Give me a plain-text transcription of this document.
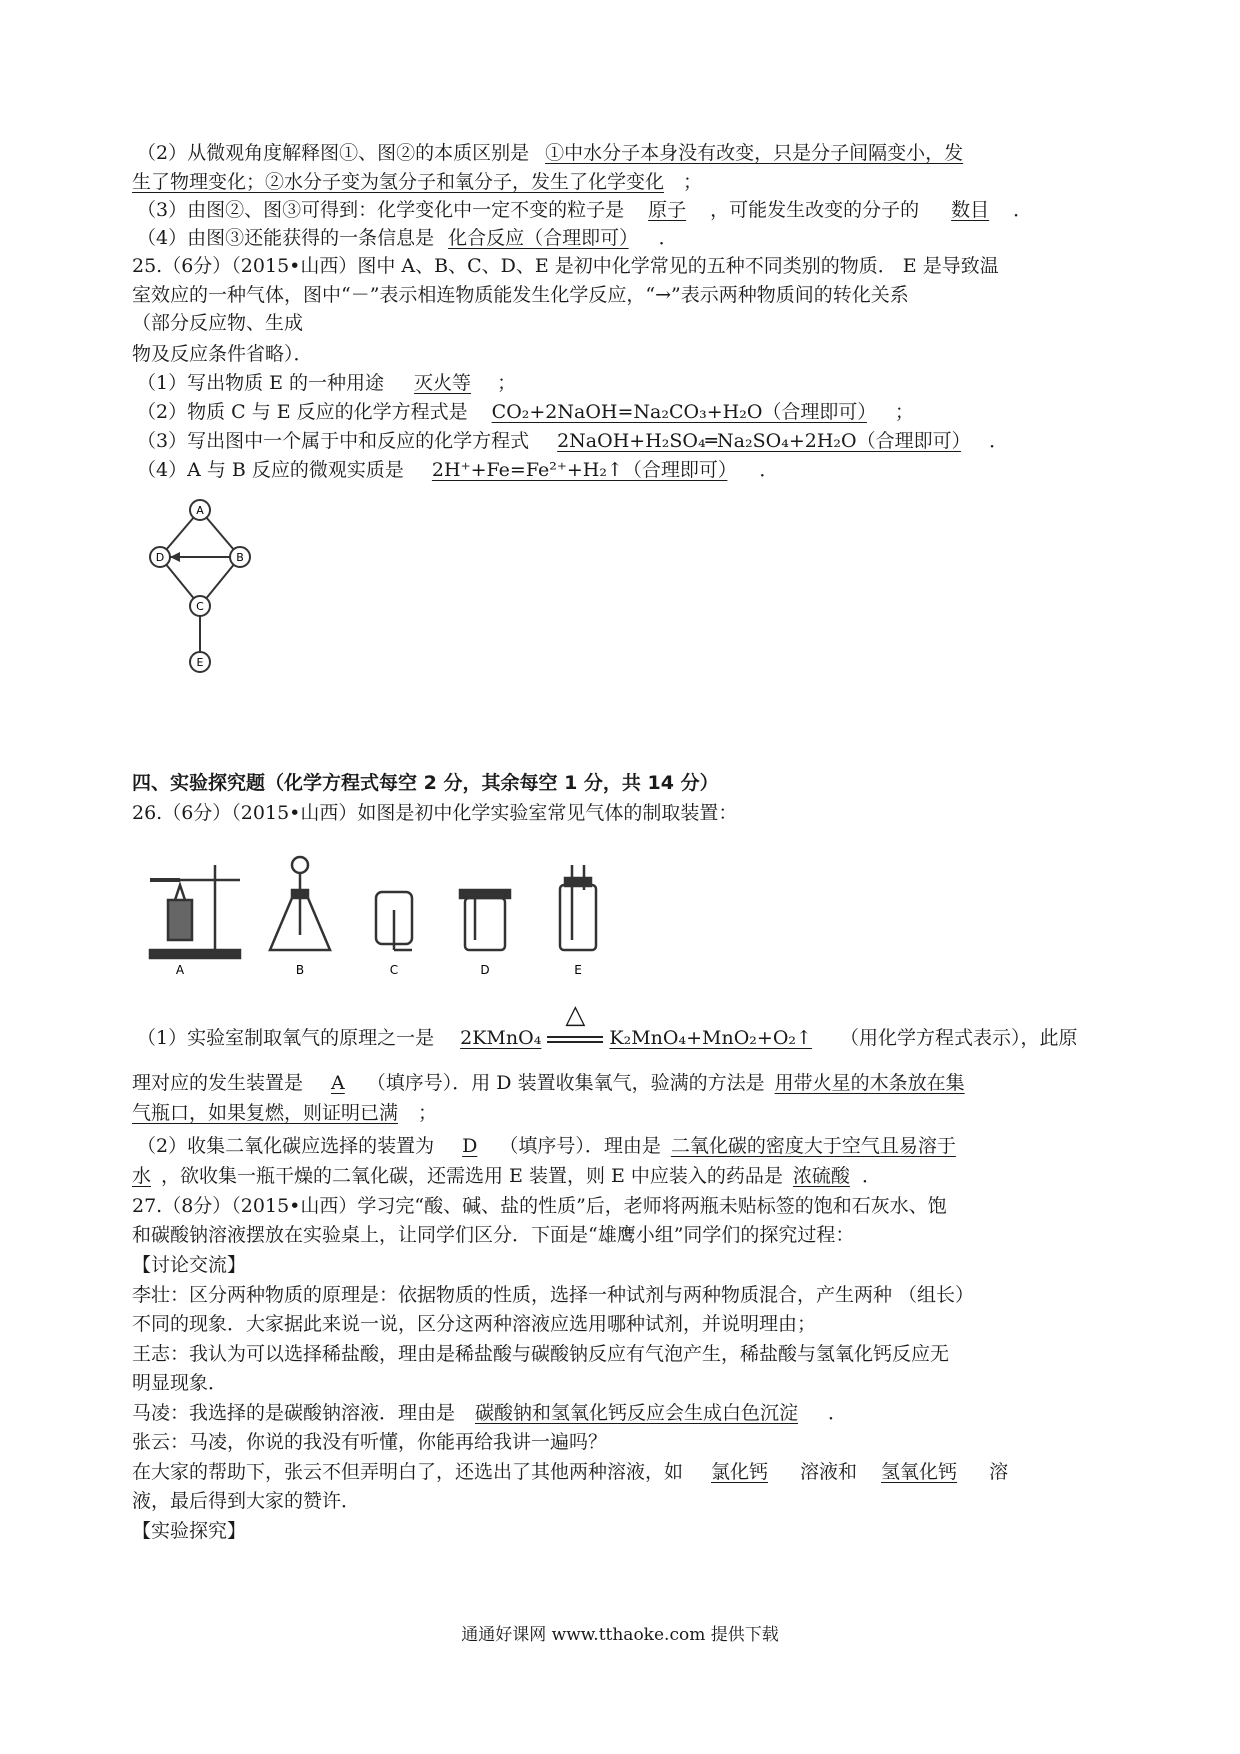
（2）从微观角度解释图①、图②的本质区别是 ①中水分子本身没有改变，只是分子间隔变小，发
生了物理变化；②水分子变为氢分子和氧分子，发生了化学变化　；
（3）由图②、图③可得到：化学变化中一定不变的粒子是 原子 ，可能发生改变的分子的 数目 ．
（4）由图③还能获得的一条信息是 化合反应（合理即可） ．
25.（6分）（2015•山西）图中 A、B、C、D、E 是初中化学常见的五种不同类别的物质． E 是导致温
室效应的一种气体，图中“－”表示相连物质能发生化学反应，“→”表示两种物质间的转化关系
（部分反应物、生成
物及反应条件省略）．
（1）写出物质 E 的一种用途 灭火等 ；
（2）物质 C 与 E 反应的化学方程式是 CO₂+2NaOH=Na₂CO₃+H₂O（合理即可） ；
（3）写出图中一个属于中和反应的化学方程式 2NaOH+H₂SO₄═Na₂SO₄+2H₂O（合理即可） ．
（4）A 与 B 反应的微观实质是 2H⁺+Fe=Fe²⁺+H₂↑（合理即可） ．
A
D	B
C
E
四、实验探究题（化学方程式每空 2 分，其余每空 1 分，共 14 分）
26.（6分）（2015•山西）如图是初中化学实验室常见气体的制取装置：
A	B	C	D	E
（1）实验室制取氧气的原理之一是 2KMnO₄
△
K₂MnO₄+MnO₂+O₂↑ （用化学方程式表示），此原
理对应的发生装置是 A （填序号）．用 D 装置收集氧气，验满的方法是 用带火星的木条放在集
气瓶口，如果复燃，则证明已满 ；
（2）收集二氧化碳应选择的装置为 D （填序号）．理由是 二氧化碳的密度大于空气且易溶于
水 ，欲收集一瓶干燥的二氧化碳，还需选用 E 装置，则 E 中应装入的药品是 浓硫酸 ．
27.（8分）（2015•山西）学习完“酸、碱、盐的性质”后，老师将两瓶未贴标签的饱和石灰水、饱
和碳酸钠溶液摆放在实验桌上，让同学们区分．下面是“雄鹰小组”同学们的探究过程：
【讨论交流】
李壮：区分两种物质的原理是：依据物质的性质，选择一种试剂与两种物质混合，产生两种 （组长）
不同的现象．大家据此来说一说，区分这两种溶液应选用哪种试剂，并说明理由；
王志：我认为可以选择稀盐酸，理由是稀盐酸与碳酸钠反应有气泡产生，稀盐酸与氢氧化钙反应无
明显现象．
马凌：我选择的是碳酸钠溶液．理由是 碳酸钠和氢氧化钙反应会生成白色沉淀 ．
张云：马凌，你说的我没有听懂，你能再给我讲一遍吗？
在大家的帮助下，张云不但弄明白了，还选出了其他两种溶液，如 氯化钙 溶液和 氢氧化钙 溶
液，最后得到大家的赞许．
【实验探究】
通通好课网 www.tthaoke.com 提供下载
